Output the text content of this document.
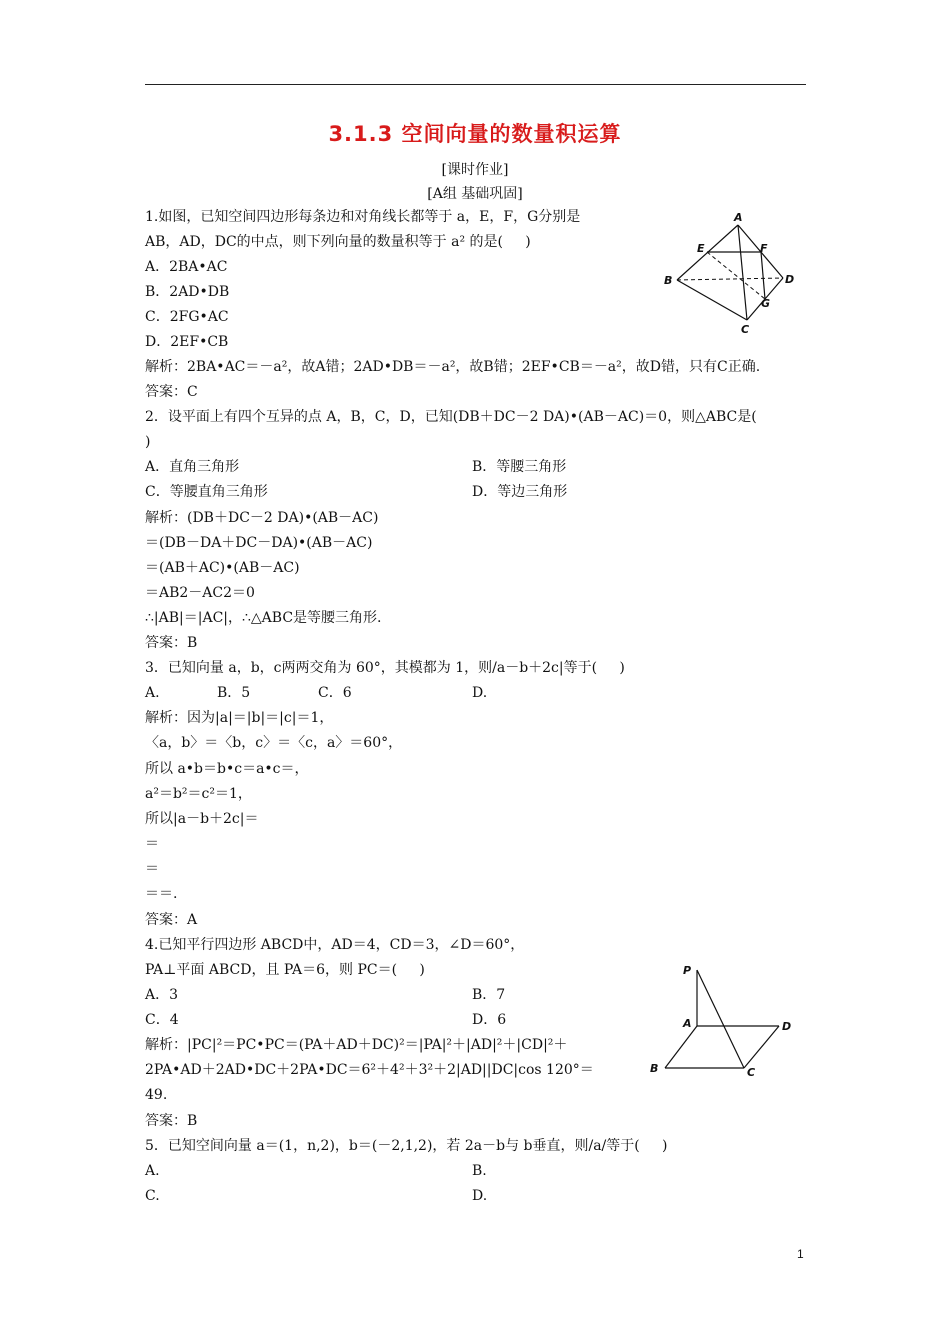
3.1.3 空间向量的数量积运算
[课时作业]
[A组 基础巩固]
1.如图，已知空间四边形每条边和对角线长都等于 a，E，F，G分别是
AB，AD，DC的中点，则下列向量的数量积等于 a² 的是(     )
A．2BA•AC
B．2AD•DB
C．2FG•AC
D．2EF•CB
解析：2BA•AC＝－a²，故A错；2AD•DB＝－a²，故B错；2EF•CB＝－a²，故D错，只有C正确.
答案：C
A
B
C
D
E	F
G
2．设平面上有四个互异的点 A，B，C，D，已知(DB＋DC－2 DA)•(AB－AC)＝0，则△ABC是(
)
A．直角三角形	B．等腰三角形
C．等腰直角三角形	D．等边三角形
解析：(DB＋DC－2 DA)•(AB－AC)
＝(DB－DA＋DC－DA)•(AB－AC)
＝(AB＋AC)•(AB－AC)
＝AB2－AC2＝0
∴|AB|＝|AC|，∴△ABC是等腰三角形.
答案：B
3．已知向量 a，b，c两两交角为 60°，其模都为 1，则/a－b＋2c|等于(     )
A.	B．5	C．6	D.
解析：因为|a|＝|b|＝|c|＝1，
〈a，b〉＝〈b，c〉＝〈c，a〉＝60°，
所以 a•b＝b•c＝a•c＝，
a²＝b²＝c²＝1，
所以|a－b＋2c|＝
＝
＝
＝＝.
答案：A
4.已知平行四边形 ABCD中，AD＝4，CD＝3，∠D＝60°，
PA⊥平面 ABCD，且 PA＝6，则 PC＝(     )
A．3	B．7
C．4	D．6
解析：|PC|²＝PC•PC＝(PA＋AD＋DC)²＝|PA|²＋|AD|²＋|CD|²＋
2PA•AD＋2AD•DC＋2PA•DC＝6²＋4²＋3²＋2|AD||DC|cos 120°＝
49.
答案：B
P
A
B	C
D
5．已知空间向量 a＝(1，n,2)，b＝(－2,1,2)，若 2a－b与 b垂直，则/a/等于(     )
A.	B.
C.	D.
1
